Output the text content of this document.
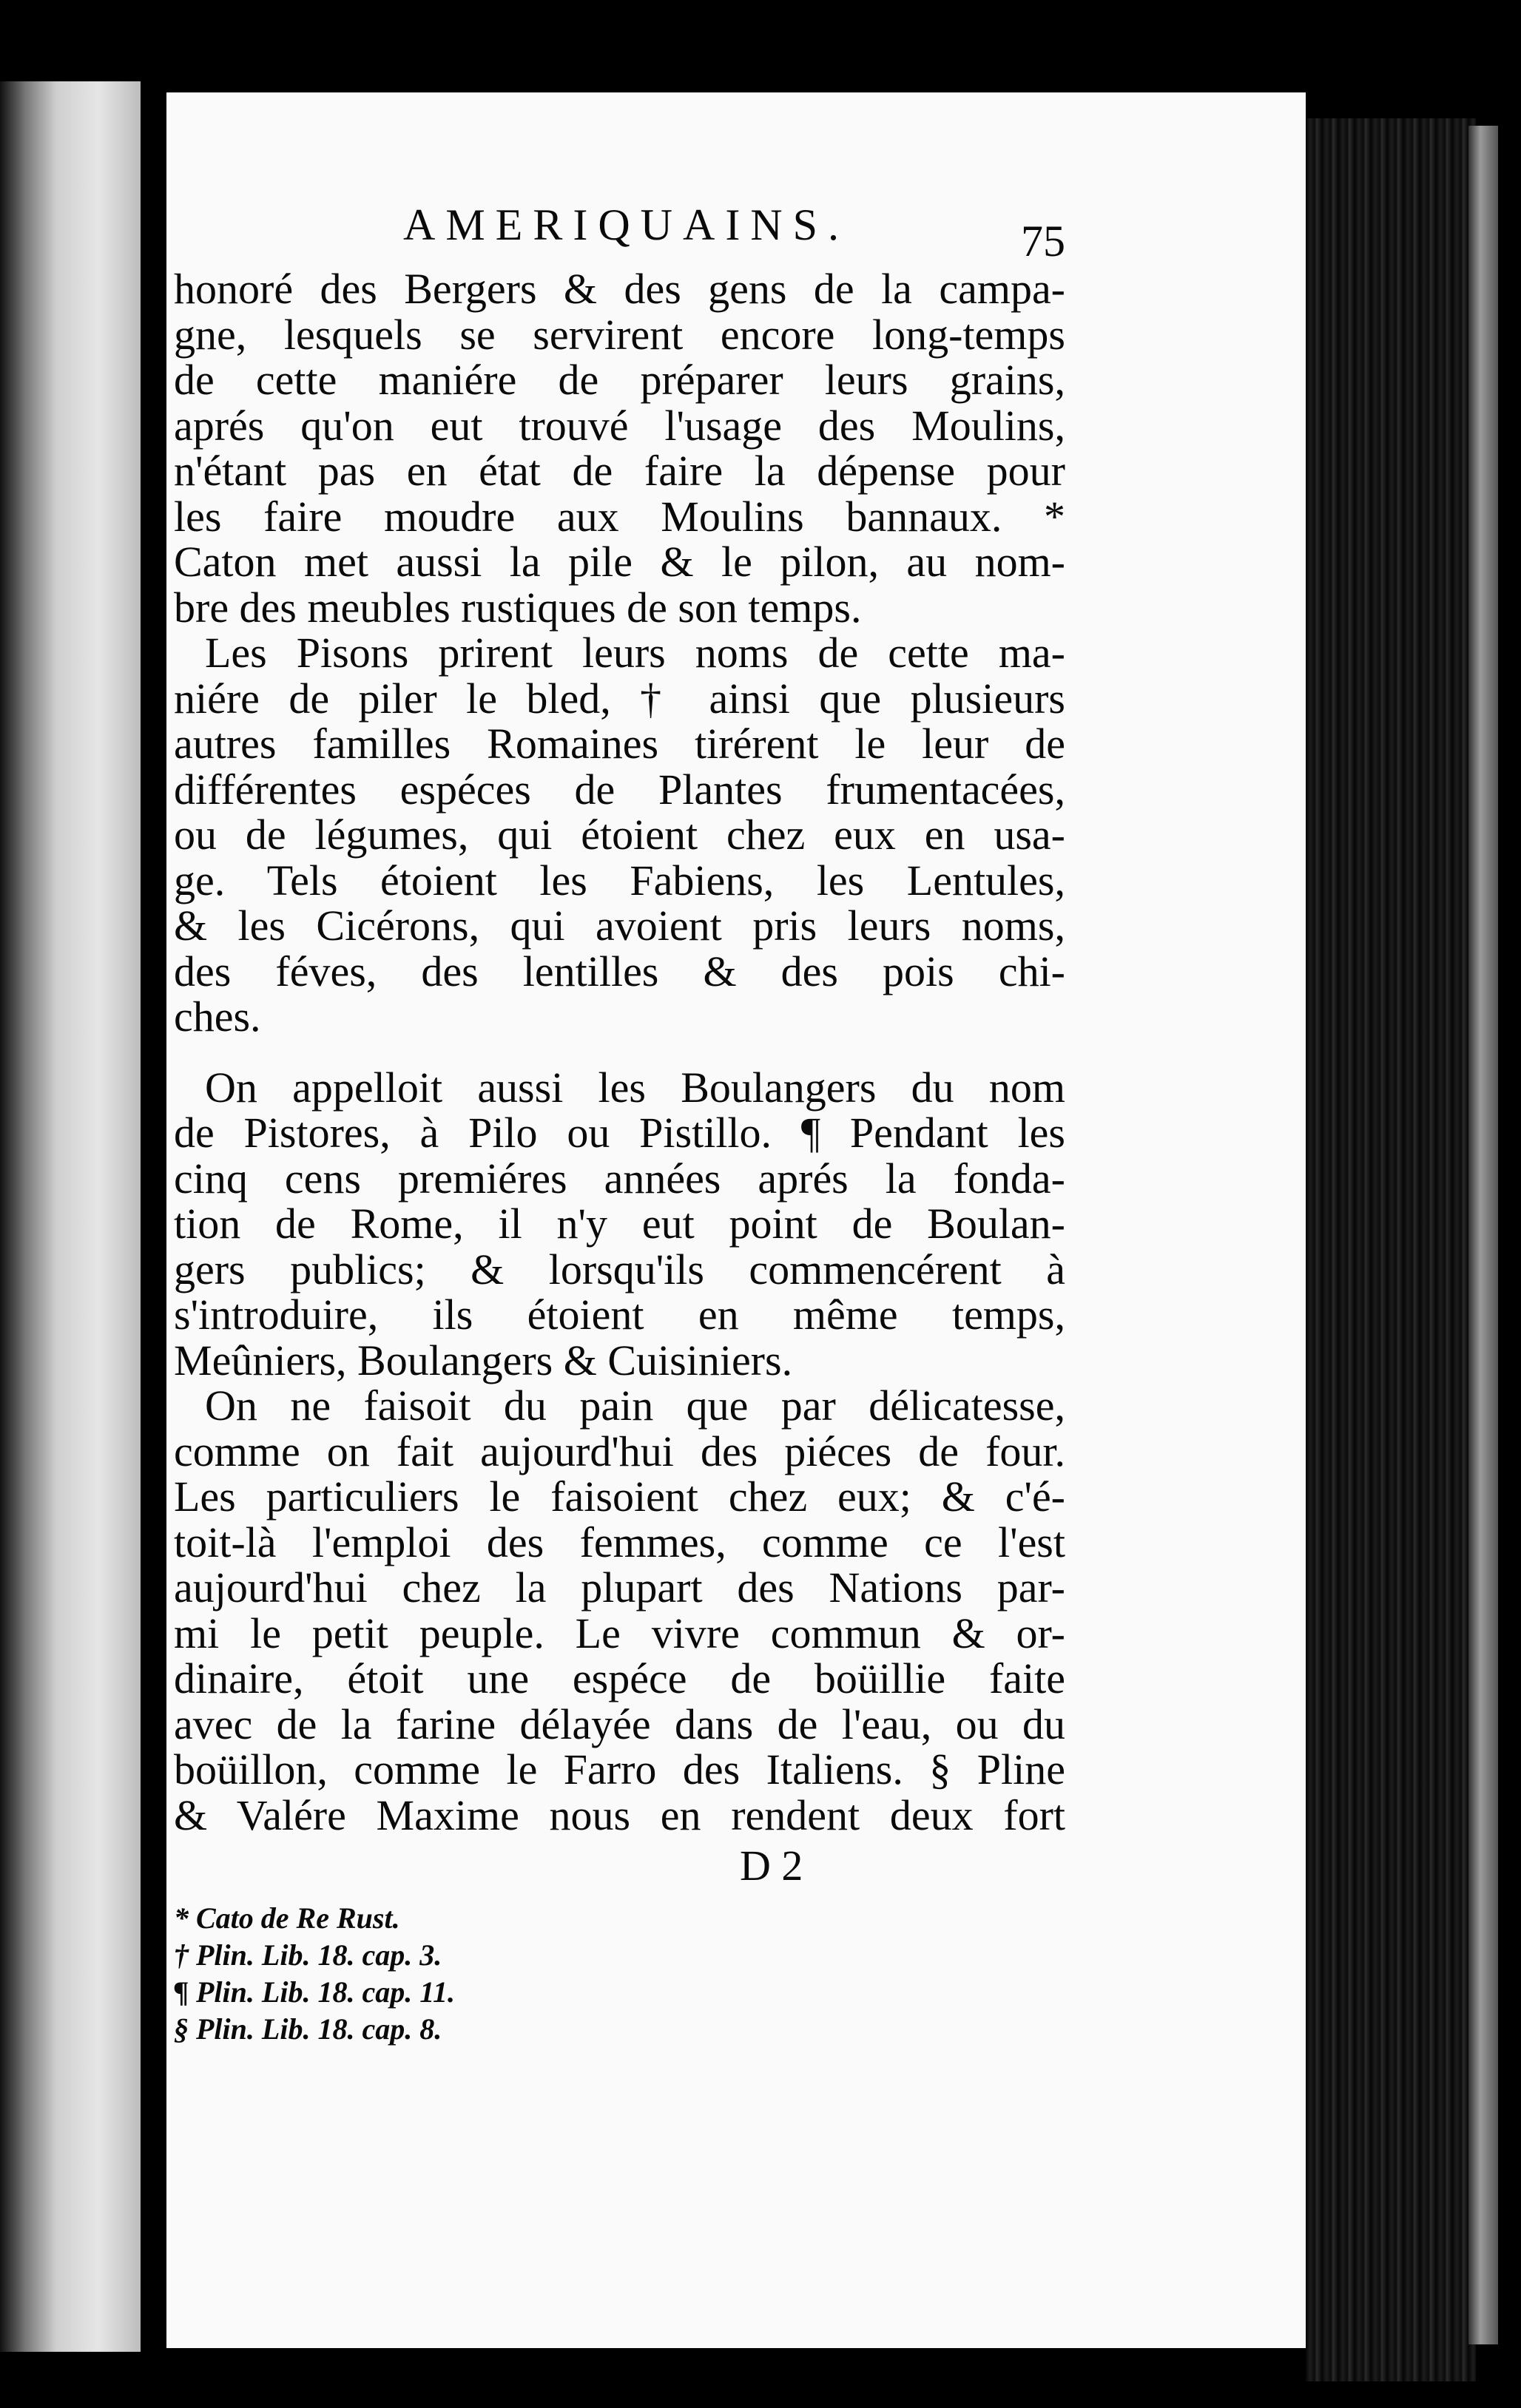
AMERIQUAINS.	75
honoré des Bergers & des gens de la campa-
gne, lesquels se servirent encore long-temps
de cette maniére de préparer leurs grains,
aprés qu'on eut trouvé l'usage des Moulins,
n'étant pas en état de faire la dépense pour
les faire moudre aux Moulins bannaux. *
Caton met aussi la pile & le pilon, au nom-
bre des meubles rustiques de son temps.
Les Pisons prirent leurs noms de cette ma-
niére de piler le bled, † ainsi que plusieurs
autres familles Romaines tirérent le leur de
différentes espéces de Plantes frumentacées,
ou de légumes, qui étoient chez eux en usa-
ge. Tels étoient les Fabiens, les Lentules,
& les Cicérons, qui avoient pris leurs noms,
des féves, des lentilles & des pois chi-
ches.
On appelloit aussi les Boulangers du nom
de Pistores, à Pilo ou Pistillo. ¶ Pendant les
cinq cens premiéres années aprés la fonda-
tion de Rome, il n'y eut point de Boulan-
gers publics; & lorsqu'ils commencérent à
s'introduire, ils étoient en même temps,
Meûniers, Boulangers & Cuisiniers.
On ne faisoit du pain que par délicatesse,
comme on fait aujourd'hui des piéces de four.
Les particuliers le faisoient chez eux; & c'é-
toit-là l'emploi des femmes, comme ce l'est
aujourd'hui chez la plupart des Nations par-
mi le petit peuple. Le vivre commun & or-
dinaire, étoit une espéce de boüillie faite
avec de la farine délayée dans de l'eau, ou du
boüillon, comme le Farro des Italiens. § Pline
& Valére Maxime nous en rendent deux fort
D 2
* Cato de Re Rust.
† Plin. Lib. 18. cap. 3.
¶ Plin. Lib. 18. cap. 11.
§ Plin. Lib. 18. cap. 8.
